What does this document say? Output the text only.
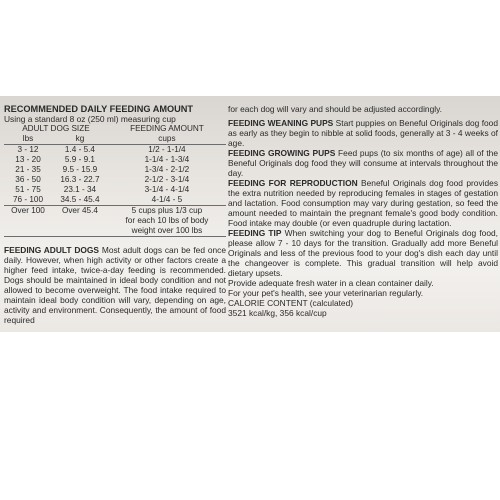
RECOMMENDED DAILY FEEDING AMOUNT
Using a standard 8 oz (250 ml) measuring cup
ADULT DOG SIZE		FEEDING AMOUNT
lbs	kg	cups
3 - 12	1.4 - 5.4	1/2 - 1-1/4
13 - 20	5.9 - 9.1	1-1/4 - 1-3/4
21 - 35	9.5 - 15.9	1-3/4 - 2-1/2
36 - 50	16.3 - 22.7	2-1/2 - 3-1/4
51 - 75	23.1 - 34	3-1/4 - 4-1/4
76 - 100	34.5 - 45.4	4-1/4 - 5
Over 100	Over 45.4	5 cups plus 1/3 cup
for each 10 lbs of body
weight over 100 lbs

FEEDING ADULT DOGS Most adult dogs can be fed once daily. However, when high activity or other factors create a higher feed intake, twice-a-day feeding is recommended. Dogs should be maintained in ideal body condition and not allowed to become overweight. The food intake required to maintain ideal body condition will vary, depending on age, activity and environment. Consequently, the amount of food required

for each dog will vary and should be adjusted accordingly.

FEEDING WEANING PUPS Start puppies on Beneful Originals dog food as early as they begin to nibble at solid foods, generally at 3 - 4 weeks of age.

FEEDING GROWING PUPS Feed pups (to six months of age) all of the Beneful Originals dog food they will consume at intervals throughout the day.

FEEDING FOR REPRODUCTION Beneful Originals dog food provides the extra nutrition needed by reproducing females in stages of gestation and lactation. Food consumption may vary during gestation, so feed the amount needed to maintain the pregnant female's good body condition. Food intake may double (or even quadruple during lactation.

FEEDING TIP When switching your dog to Beneful Originals dog food, please allow 7 - 10 days for the transition. Gradually add more Beneful Originals and less of the previous food to your dog's dish each day until the changeover is complete. This gradual transition will help avoid dietary upsets.

Provide adequate fresh water in a clean container daily.

For your pet's health, see your veterinarian regularly.

CALORIE CONTENT (calculated)
3521 kcal/kg, 356 kcal/cup
